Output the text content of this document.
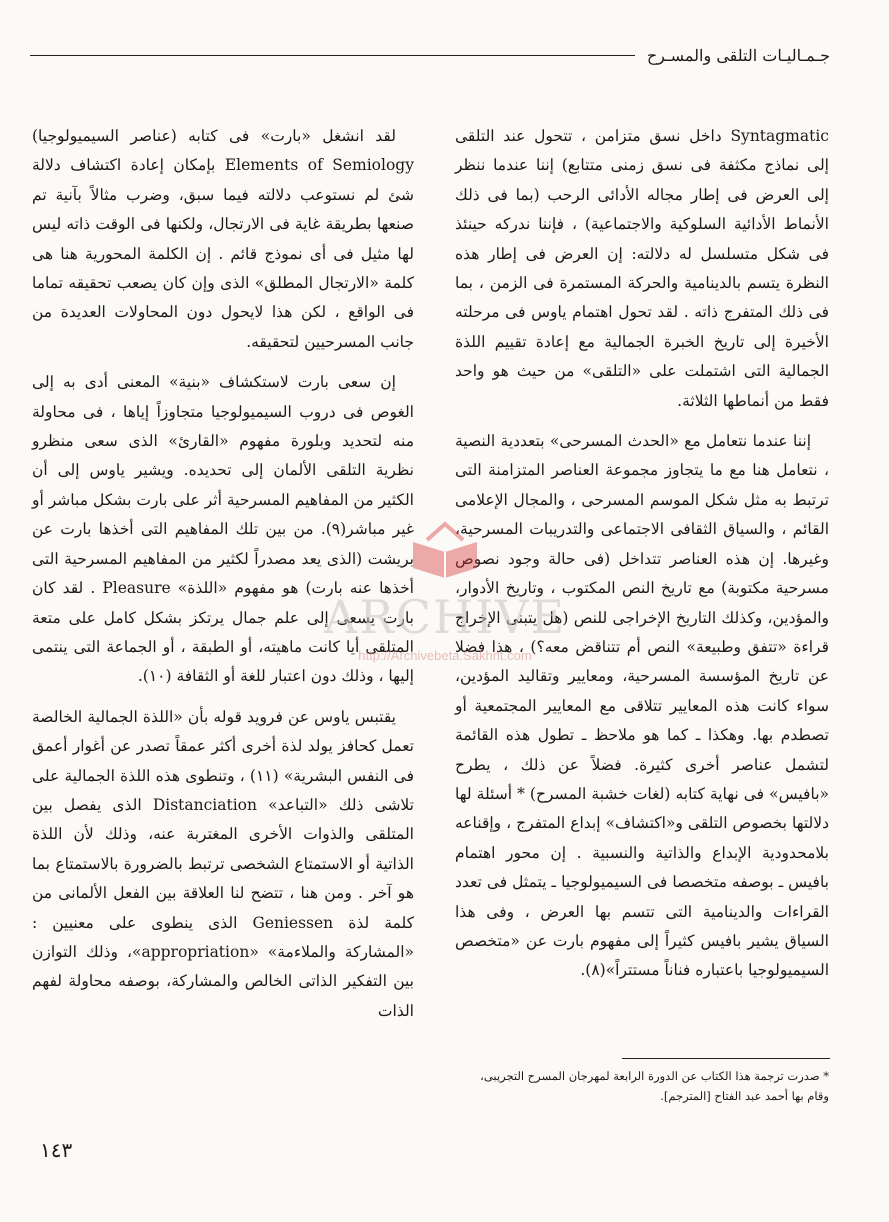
جـمـاليـات التلقى والمسـرح

Syntagmatic داخل نسق متزامن ، تتحول عند التلقى إلى نماذج مكثفة فى نسق زمنى متتابع) إننا عندما ننظر إلى العرض فى إطار مجاله الأدائى الرحب (بما فى ذلك الأنماط الأدائية السلوكية والاجتماعية) ، فإننا ندركه حينئذ فى شكل متسلسل له دلالته: إن العرض فى إطار هذه النظرة يتسم بالدينامية والحركة المستمرة فى الزمن ، بما فى ذلك المتفرج ذاته . لقد تحول اهتمام ياوس فى مرحلته الأخيرة إلى تاريخ الخبرة الجمالية مع إعادة تقييم اللذة الجمالية التى اشتملت على «التلقى» من حيث هو واحد فقط من أنماطها الثلاثة.

إننا عندما نتعامل مع «الحدث المسرحى» بتعددية النصية ، نتعامل هنا مع ما يتجاوز مجموعة العناصر المتزامنة التى ترتبط به مثل شكل الموسم المسرحى ، والمجال الإعلامى القائم ، والسياق الثقافى الاجتماعى والتدريبات المسرحية، وغيرها. إن هذه العناصر تتداخل (فى حالة وجود نصوص مسرحية مكتوبة) مع تاريخ النص المكتوب ، وتاريخ الأدوار، والمؤدين، وكذلك التاريخ الإخراجى للنص (هل يتبنى الإخراج قراءة «تتفق وطبيعة» النص أم تتناقض معه؟) ، هذا فضلا عن تاريخ المؤسسة المسرحية، ومعايير وتقاليد المؤدين، سواء كانت هذه المعايير تتلاقى مع المعايير المجتمعية أو تصطدم بها. وهكذا ـ كما هو ملاحظ ـ تطول هذه القائمة لتشمل عناصر أخرى كثيرة. فضلاً عن ذلك ، يطرح «بافيس» فى نهاية كتابه (لغات خشبة المسرح) * أسئلة لها دلالتها بخصوص التلقى و«اكتشاف» إبداع المتفرج ، وإقناعه بلامحدودية الإبداع والذاتية والنسبية . إن محور اهتمام بافيس ـ بوصفه متخصصا فى السيميولوجيا ـ يتمثل فى تعدد القراءات والدينامية التى تتسم بها العرض ، وفى هذا السياق يشير بافيس كثيراً إلى مفهوم بارت عن «متخصص السيميولوجيا باعتباره فناناً مستتراً»(٨).

لقد انشغل «بارت» فى كتابه (عناصر السيميولوجيا) Elements of Semiology بإمكان إعادة اكتشاف دلالة شئ لم نستوعب دلالته فيما سبق، وضرب مثالاً بآنية تم صنعها بطريقة غاية فى الارتجال، ولكنها فى الوقت ذاته ليس لها مثيل فى أى نموذج قائم . إن الكلمة المحورية هنا هى كلمة «الارتجال المطلق» الذى وإن كان يصعب تحقيقه تماما فى الواقع ، لكن هذا لايحول دون المحاولات العديدة من جانب المسرحيين لتحقيقه.

إن سعى بارت لاستكشاف «بنية» المعنى أدى به إلى الغوص فى دروب السيميولوجيا متجاوزاً إياها ، فى محاولة منه لتحديد وبلورة مفهوم «القارئ» الذى سعى منظرو نظرية التلقى الألمان إلى تحديده. ويشير ياوس إلى أن الكثير من المفاهيم المسرحية أثر على بارت بشكل مباشر أو غير مباشر(٩). من بين تلك المفاهيم التى أخذها بارت عن بريشت (الذى يعد مصدراً لكثير من المفاهيم المسرحية التى أخذها عنه بارت) هو مفهوم «اللذة» Pleasure . لقد كان بارت يسعى إلى علم جمال يرتكز بشكل كامل على متعة المتلقى أيا كانت ماهيته، أو الطبقة ، أو الجماعة التى ينتمى إليها ، وذلك دون اعتبار للغة أو الثقافة (١٠).

يقتبس ياوس عن فرويد قوله بأن «اللذة الجمالية الخالصة تعمل كحافز يولد لذة أخرى أكثر عمقاً تصدر عن أغوار أعمق فى النفس البشرية» (١١) ، وتنطوى هذه اللذة الجمالية على تلاشى ذلك «التباعد» Distanciation الذى يفصل بين المتلقى والذوات الأخرى المغتربة عنه، وذلك لأن اللذة الذاتية أو الاستمتاع الشخصى ترتبط بالضرورة بالاستمتاع بما هو آخر . ومن هنا ، تتضح لنا العلاقة بين الفعل الألمانى من كلمة لذة Geniessen الذى ينطوى على معنيين : «المشاركة والملاءمة» «appropriation»، وذلك التوازن بين التفكير الذاتى الخالص والمشاركة، بوصفه محاولة لفهم الذات

* صدرت ترجمة هذا الكتاب عن الدورة الرابعة لمهرجان المسرح التجريبى،
وقام بها أحمد عبد الفتاح [المترجم].
١٤٣
ARCHIVE
http://Archivebeta.Sakhrit.com
